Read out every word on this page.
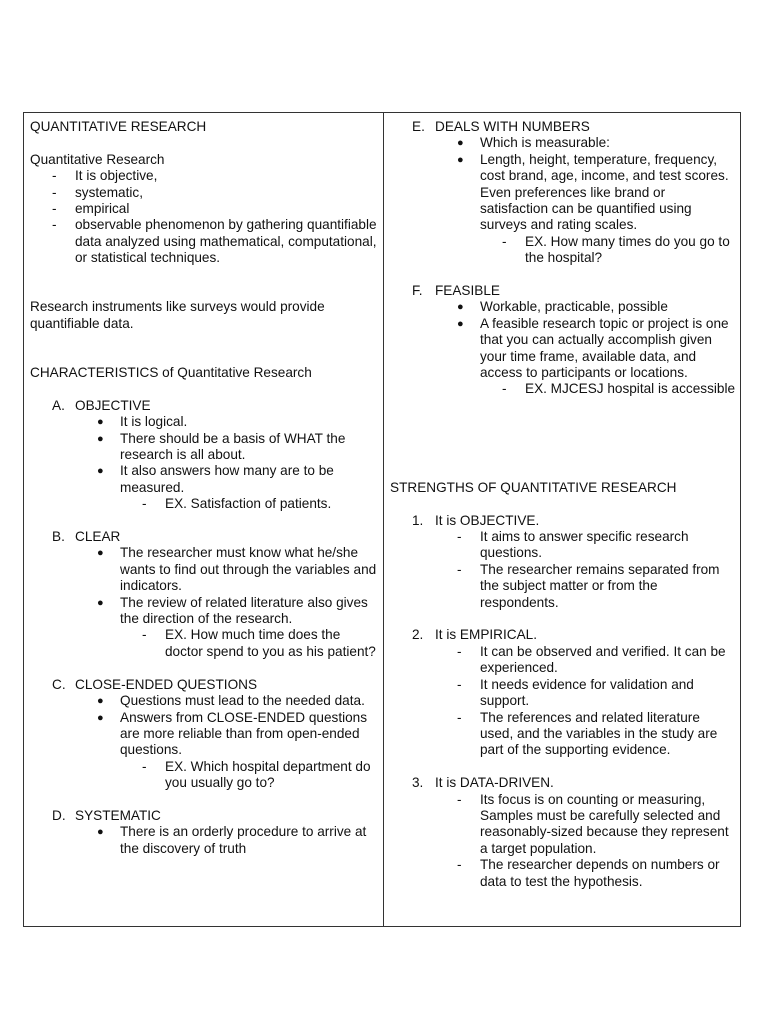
QUANTITATIVE RESEARCH

Quantitative Research

- It is objective,
- systematic,
- empirical
- observable phenomenon by gathering quantifiable data analyzed using mathematical, computational, or statistical techniques.

Research instruments like surveys would provide quantifiable data.

CHARACTERISTICS of Quantitative Research

A. OBJECTIVE
● It is logical.
● There should be a basis of WHAT the research is all about.
● It also answers how many are to be measured.
- EX. Satisfaction of patients.
B. CLEAR
● The researcher must know what he/she wants to find out through the variables and indicators.
● The review of related literature also gives the direction of the research.
- EX. How much time does the doctor spend to you as his patient?
C. CLOSE-ENDED QUESTIONS
● Questions must lead to the needed data.
● Answers from CLOSE-ENDED questions are more reliable than from open-ended questions.
- EX. Which hospital department do you usually go to?
D. SYSTEMATIC
● There is an orderly procedure to arrive at the discovery of truth
E. DEALS WITH NUMBERS
● Which is measurable:
● Length, height, temperature, frequency, cost brand, age, income, and test scores. Even preferences like brand or satisfaction can be quantified using surveys and rating scales.
- EX. How many times do you go to the hospital?
F. FEASIBLE
● Workable, practicable, possible
● A feasible research topic or project is one that you can actually accomplish given your time frame, available data, and access to participants or locations.
- EX. MJCESJ hospital is accessible

STRENGTHS OF QUANTITATIVE RESEARCH

1. It is OBJECTIVE.
- It aims to answer specific research questions.
- The researcher remains separated from the subject matter or from the respondents.
2. It is EMPIRICAL.
- It can be observed and verified. It can be experienced.
- It needs evidence for validation and support.
- The references and related literature used, and the variables in the study are part of the supporting evidence.
3. It is DATA-DRIVEN.
- Its focus is on counting or measuring, Samples must be carefully selected and reasonably-sized because they represent a target population.
- The researcher depends on numbers or data to test the hypothesis.
